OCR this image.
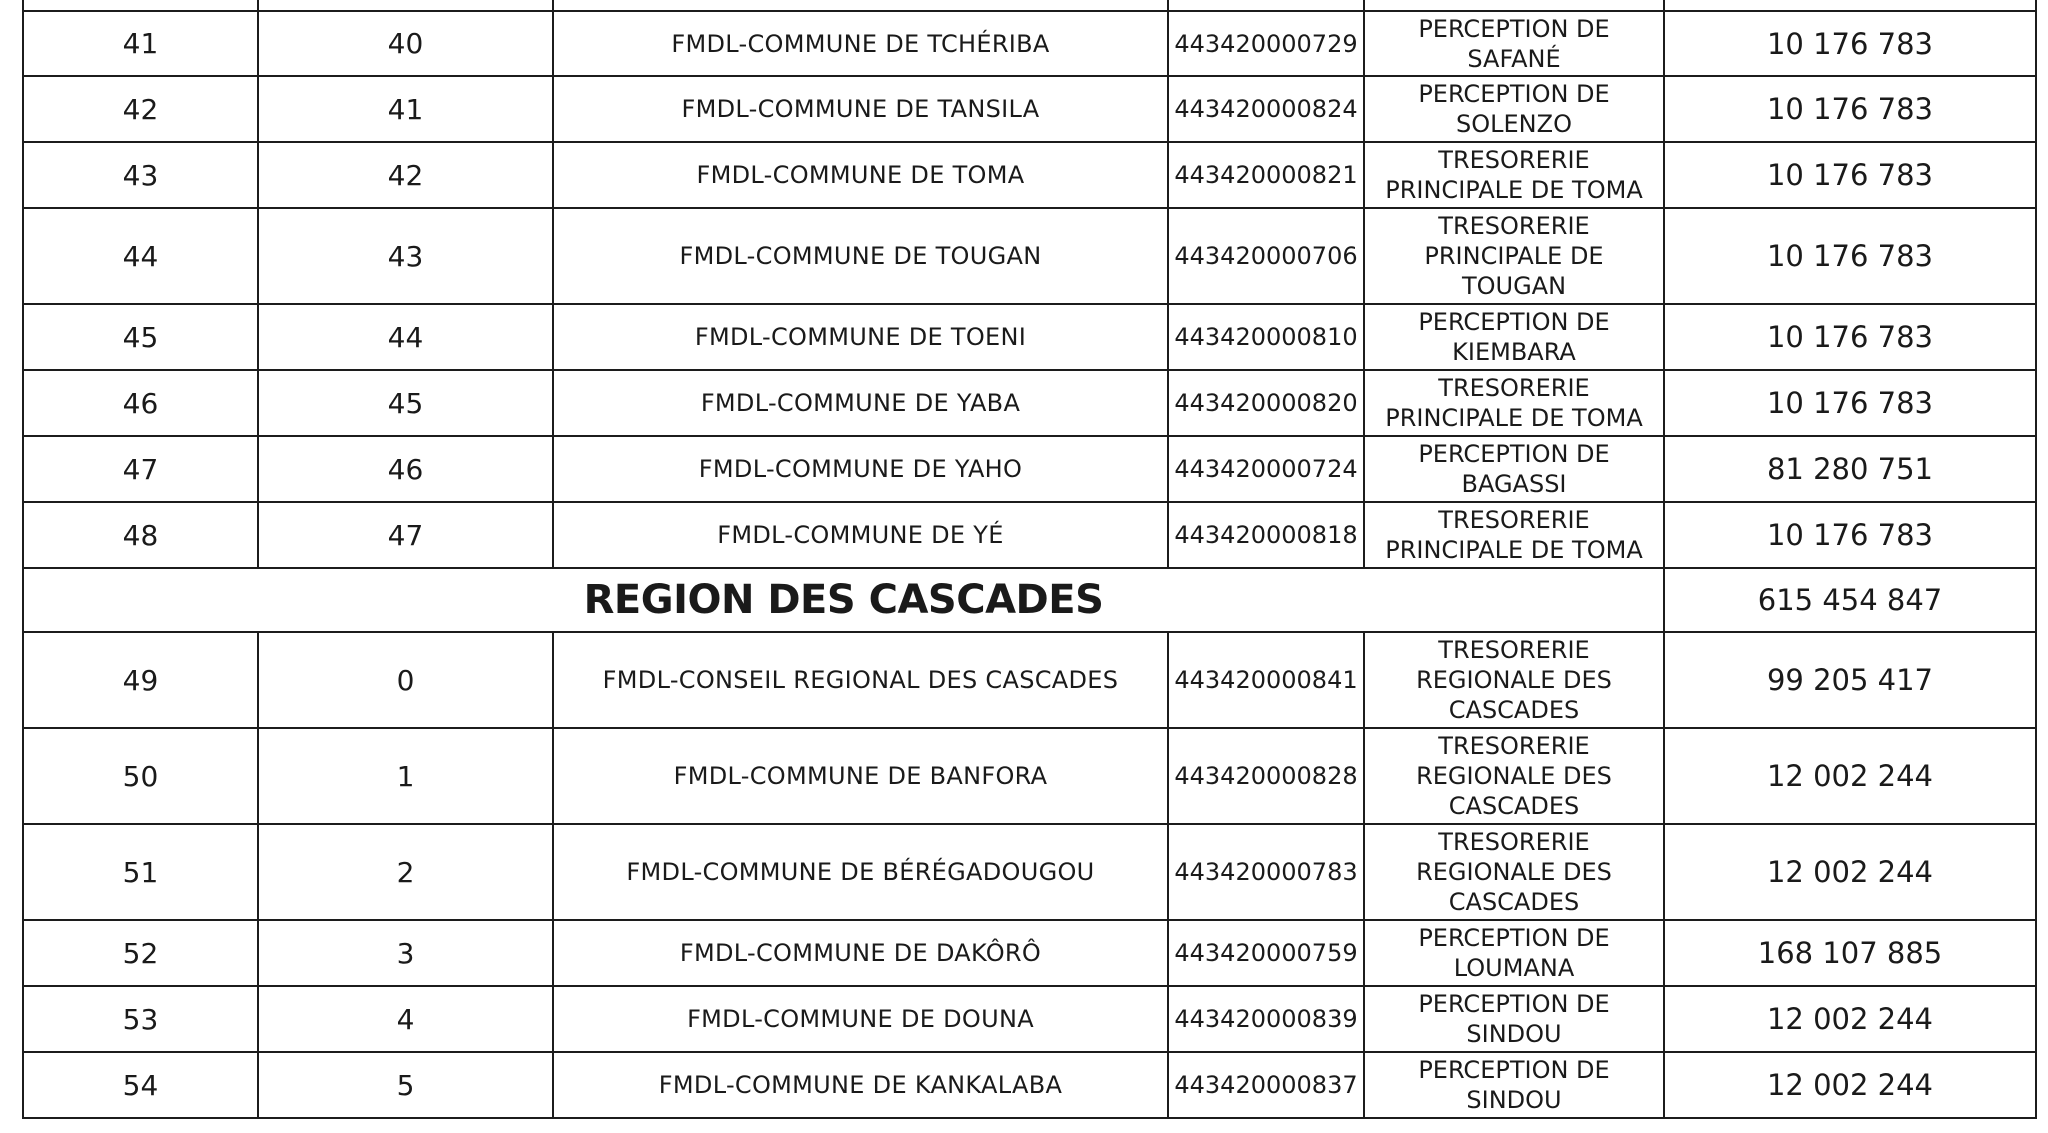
41	40	FMDL-COMMUNE DE TCHÉRIBA	443420000729	PERCEPTION DE
SAFANÉ	10 176 783
42	41	FMDL-COMMUNE DE TANSILA	443420000824	PERCEPTION DE
SOLENZO	10 176 783
43	42	FMDL-COMMUNE DE TOMA	443420000821	TRESORERIE
PRINCIPALE DE TOMA	10 176 783
44	43	FMDL-COMMUNE DE TOUGAN	443420000706	TRESORERIE
PRINCIPALE DE
TOUGAN	10 176 783
45	44	FMDL-COMMUNE DE TOENI	443420000810	PERCEPTION DE
KIEMBARA	10 176 783
46	45	FMDL-COMMUNE DE YABA	443420000820	TRESORERIE
PRINCIPALE DE TOMA	10 176 783
47	46	FMDL-COMMUNE DE YAHO	443420000724	PERCEPTION DE
BAGASSI	81 280 751
48	47	FMDL-COMMUNE DE YÉ	443420000818	TRESORERIE
PRINCIPALE DE TOMA	10 176 783
REGION DES CASCADES					615 454 847
49	0	FMDL-CONSEIL REGIONAL DES CASCADES	443420000841	TRESORERIE
REGIONALE DES
CASCADES	99 205 417
50	1	FMDL-COMMUNE DE BANFORA	443420000828	TRESORERIE
REGIONALE DES
CASCADES	12 002 244
51	2	FMDL-COMMUNE DE BÉRÉGADOUGOU	443420000783	TRESORERIE
REGIONALE DES
CASCADES	12 002 244
52	3	FMDL-COMMUNE DE DAKÔRÔ	443420000759	PERCEPTION DE
LOUMANA	168 107 885
53	4	FMDL-COMMUNE DE DOUNA	443420000839	PERCEPTION DE
SINDOU	12 002 244
54	5	FMDL-COMMUNE DE KANKALABA	443420000837	PERCEPTION DE
SINDOU	12 002 244
